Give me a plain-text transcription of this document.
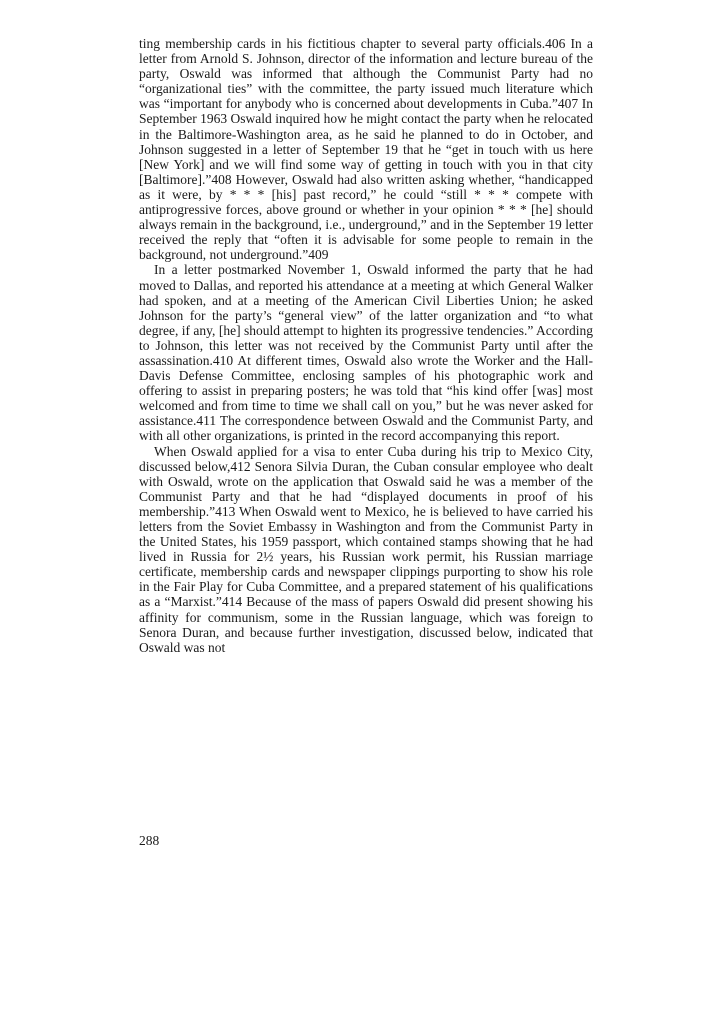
ting membership cards in his fictitious chapter to several party officials.406 In a letter from Arnold S. Johnson, director of the information and lecture bureau of the party, Oswald was informed that although the Communist Party had no “organizational ties” with the committee, the party issued much literature which was “important for anybody who is concerned about developments in Cuba.”407 In September 1963 Oswald inquired how he might contact the party when he relocated in the Baltimore-Washington area, as he said he planned to do in October, and Johnson suggested in a letter of September 19 that he “get in touch with us here [New York] and we will find some way of getting in touch with you in that city [Baltimore].”408 However, Oswald had also written asking whether, “handicapped as it were, by * * * [his] past record,” he could “still * * * compete with antiprogressive forces, above ground or whether in your opinion * * * [he] should always remain in the background, i.e., underground,” and in the September 19 letter received the reply that “often it is advisable for some people to remain in the background, not underground.”409

In a letter postmarked November 1, Oswald informed the party that he had moved to Dallas, and reported his attendance at a meeting at which General Walker had spoken, and at a meeting of the American Civil Liberties Union; he asked Johnson for the party’s “general view” of the latter organization and “to what degree, if any, [he] should attempt to highten its progressive tendencies.” According to Johnson, this letter was not received by the Communist Party until after the assassination.410 At different times, Oswald also wrote the Worker and the Hall-Davis Defense Committee, enclosing samples of his photographic work and offering to assist in preparing posters; he was told that “his kind offer [was] most welcomed and from time to time we shall call on you,” but he was never asked for assistance.411 The correspondence between Oswald and the Communist Party, and with all other organizations, is printed in the record accompanying this report.

When Oswald applied for a visa to enter Cuba during his trip to Mexico City, discussed below,412 Senora Silvia Duran, the Cuban consular employee who dealt with Oswald, wrote on the application that Oswald said he was a member of the Communist Party and that he had “displayed documents in proof of his membership.”413 When Oswald went to Mexico, he is believed to have carried his letters from the Soviet Embassy in Washington and from the Communist Party in the United States, his 1959 passport, which contained stamps showing that he had lived in Russia for 2½ years, his Russian work permit, his Russian marriage certificate, membership cards and newspaper clippings purporting to show his role in the Fair Play for Cuba Committee, and a prepared statement of his qualifications as a “Marxist.”414 Because of the mass of papers Oswald did present showing his affinity for communism, some in the Russian language, which was foreign to Senora Duran, and because further investigation, discussed below, indicated that Oswald was not

288
